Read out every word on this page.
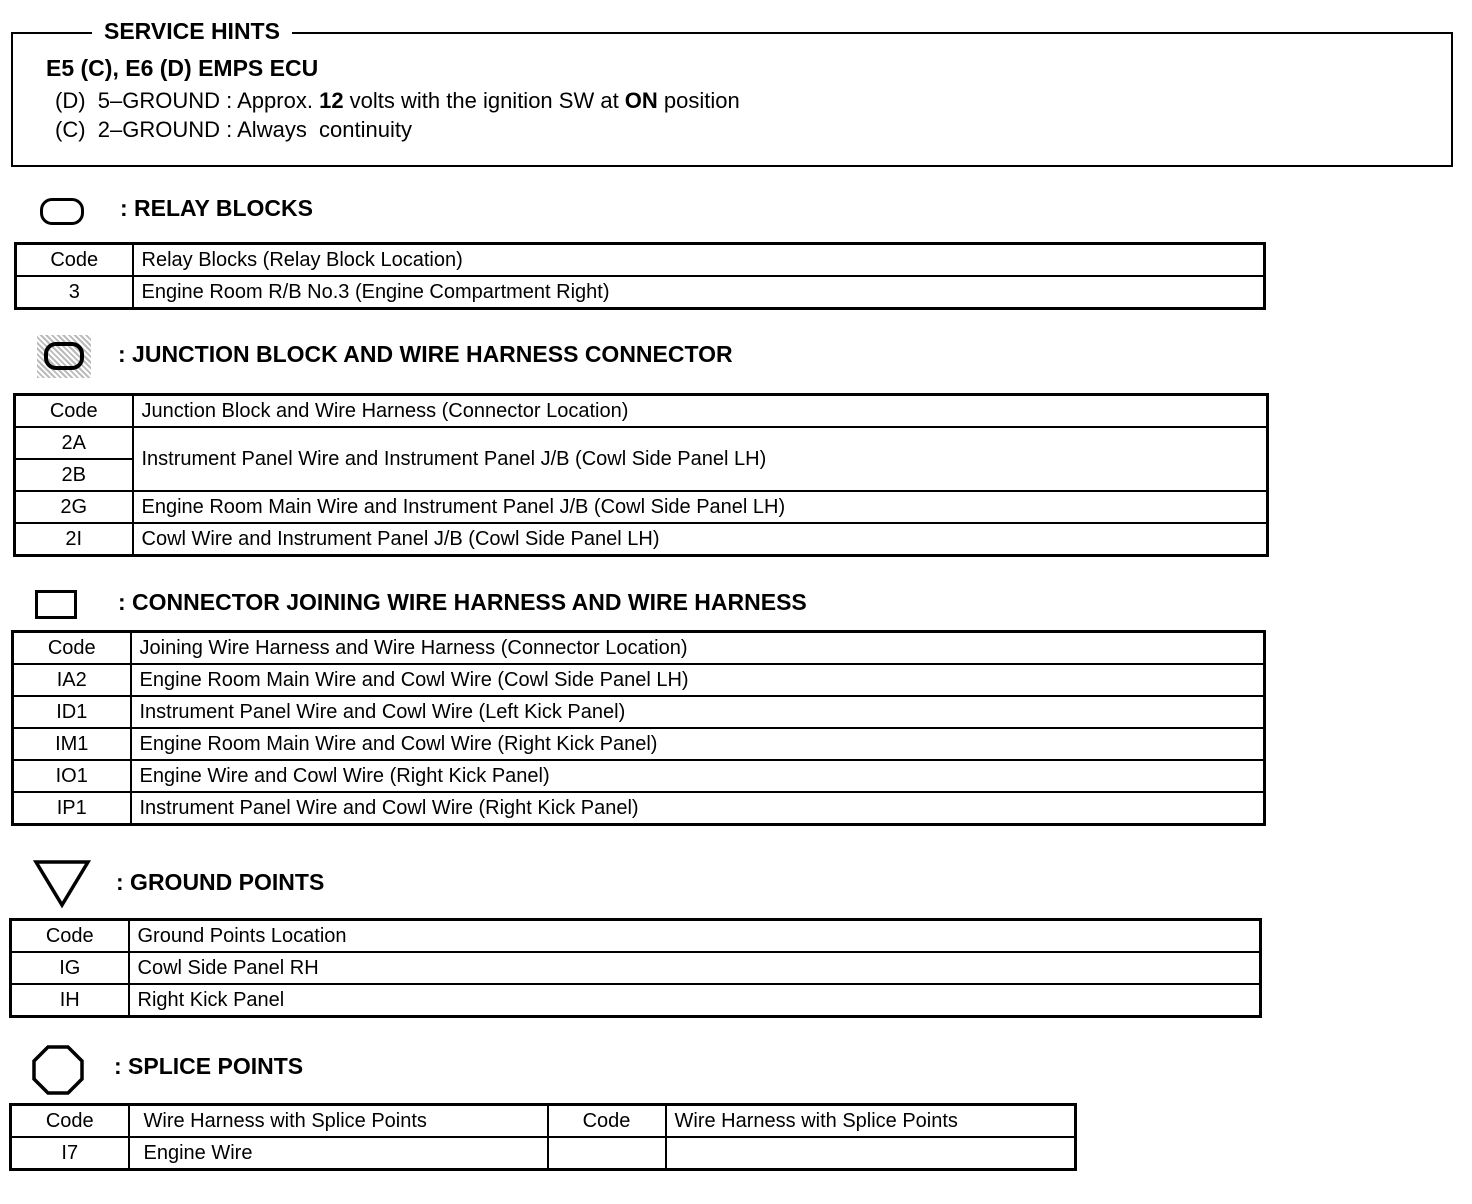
SERVICE HINTS
E5 (C), E6 (D) EMPS ECU
(D)  5–GROUND : Approx. 12 volts with the ignition SW at ON position
(C)  2–GROUND : Always  continuity
: RELAY BLOCKS
Code	Relay Blocks (Relay Block Location)
3	Engine Room R/B No.3 (Engine Compartment Right)
: JUNCTION BLOCK AND WIRE HARNESS CONNECTOR
Code	Junction Block and Wire Harness (Connector Location)
2A	Instrument Panel Wire and Instrument Panel J/B (Cowl Side Panel LH)
2B	
2G	Engine Room Main Wire and Instrument Panel J/B (Cowl Side Panel LH)
2I	Cowl Wire and Instrument Panel J/B (Cowl Side Panel LH)
: CONNECTOR JOINING WIRE HARNESS AND WIRE HARNESS
Code	Joining Wire Harness and Wire Harness (Connector Location)
IA2	Engine Room Main Wire and Cowl Wire (Cowl Side Panel LH)
ID1	Instrument Panel Wire and Cowl Wire (Left Kick Panel)
IM1	Engine Room Main Wire and Cowl Wire (Right Kick Panel)
IO1	Engine Wire and Cowl Wire (Right Kick Panel)
IP1	Instrument Panel Wire and Cowl Wire (Right Kick Panel)
: GROUND POINTS
Code	Ground Points Location
IG	Cowl Side Panel RH
IH	Right Kick Panel
: SPLICE POINTS
Code	Wire Harness with Splice Points	Code	Wire Harness with Splice Points
I7	Engine Wire		
